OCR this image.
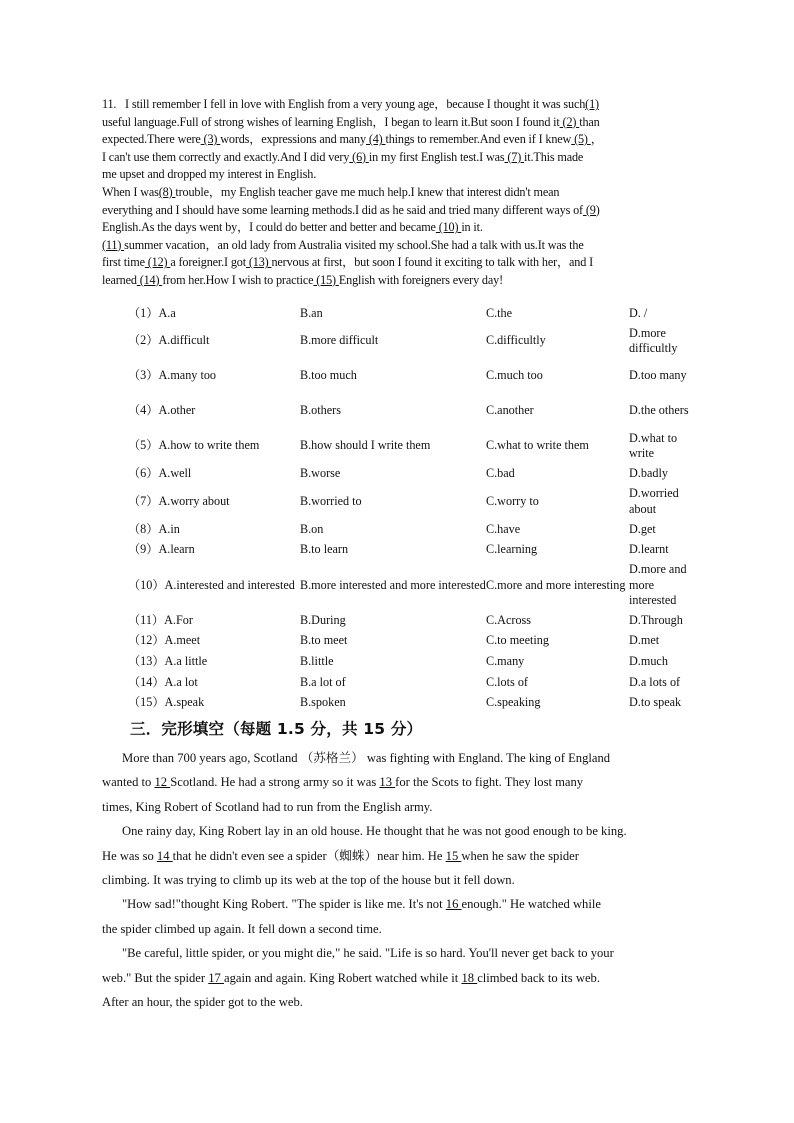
11. I still remember I fell in love with English from a very young age，because I thought it was such(1)
useful language.Full of strong wishes of learning English，I began to learn it.But soon I found it (2) than
expected.There were (3) words，expressions and many (4) things to remember.And even if I knew (5) ，
I can't use them correctly and exactly.And I did very (6) in my first English test.I was (7) it.This made
me upset and dropped my interest in English.
When I was(8) trouble，my English teacher gave me much help.I knew that interest didn't mean
everything and I should have some learning methods.I did as he said and tried many different ways of (9)
English.As the days went by，I could do better and better and became (10) in it.
(11) summer vacation，an old lady from Australia visited my school.She had a talk with us.It was the
first time (12) a foreigner.I got (13) nervous at first，but soon I found it exciting to talk with her，and I
learned (14) from her.How I wish to practice (15) English with foreigners every day!
（1）A.a	B.an	C.the	D. /
（2）A.difficult	B.more difficult	C.difficultly	D.more difficultly
（3）A.many too	B.too much	C.much too	D.too many
（4）A.other	B.others	C.another	D.the others
（5）A.how to write them	B.how should I write them	C.what to write them	D.what to write
（6）A.well	B.worse	C.bad	D.badly
（7）A.worry about	B.worried to	C.worry to	D.worried about
（8）A.in	B.on	C.have	D.get
（9）A.learn	B.to learn	C.learning	D.learnt
（10）A.interested and interested	B.more interested and more interested	C.more and more interesting	D.more and more interested
（11）A.For	B.During	C.Across	D.Through
（12）A.meet	B.to meet	C.to meeting	D.met
（13）A.a little	B.little	C.many	D.much
（14）A.a lot	B.a lot of	C.lots of	D.a lots of
（15）A.speak	B.spoken	C.speaking	D.to speak
三．完形填空（每题 1.5 分，共 15 分）
More than 700 years ago, Scotland （苏格兰） was fighting with England. The king of England
wanted to 12 Scotland. He had a strong army so it was 13 for the Scots to fight. They lost many
times, King Robert of Scotland had to run from the English army.
One rainy day, King Robert lay in an old house. He thought that he was not good enough to be king.
He was so 14 that he didn't even see a spider（蜘蛛）near him. He 15 when he saw the spider
climbing. It was trying to climb up its web at the top of the house but it fell down.
"How sad!"thought King Robert. "The spider is like me. It's not 16 enough." He watched while
the spider climbed up again. It fell down a second time.
"Be careful, little spider, or you might die," he said. "Life is so hard. You'll never get back to your
web." But the spider 17 again and again. King Robert watched while it 18 climbed back to its web.
After an hour, the spider got to the web.
